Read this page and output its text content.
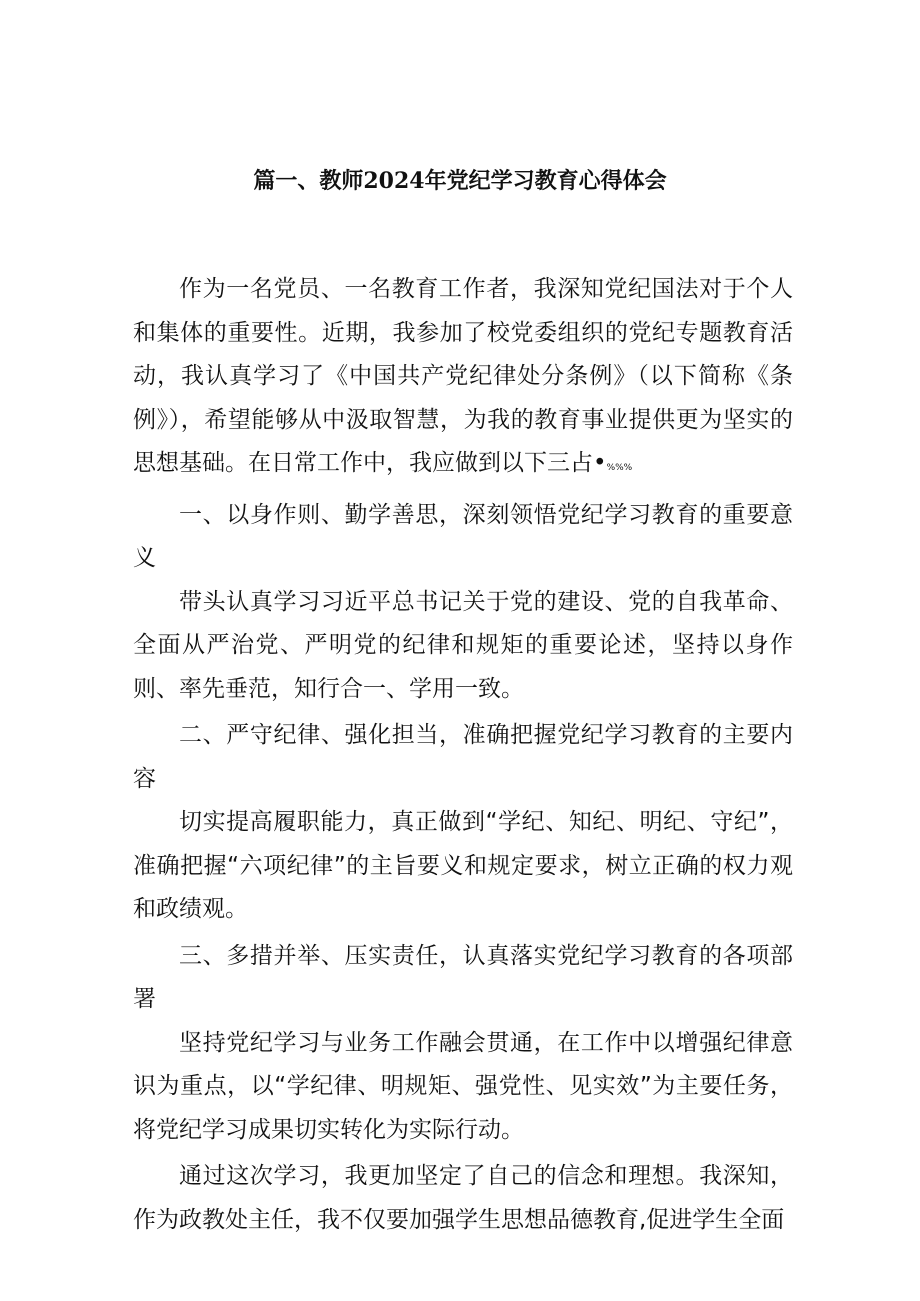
篇一、教师2024年党纪学习教育心得体会

作为一名党员、一名教育工作者，我深知党纪国法对于个人和集体的重要性。近期，我参加了校党委组织的党纪专题教育活动，我认真学习了《中国共产党纪律处分条例》（以下简称《条例》），希望能够从中汲取智慧，为我的教育事业提供更为坚实的思想基础。在日常工作中，我应做到以下三占•%%%

一、以身作则、勤学善思，深刻领悟党纪学习教育的重要意义

带头认真学习习近平总书记关于党的建设、党的自我革命、全面从严治党、严明党的纪律和规矩的重要论述，坚持以身作则、率先垂范，知行合一、学用一致。

二、严守纪律、强化担当，准确把握党纪学习教育的主要内容

切实提高履职能力，真正做到“学纪、知纪、明纪、守纪”，准确把握“六项纪律”的主旨要义和规定要求，树立正确的权力观和政绩观。

三、多措并举、压实责任，认真落实党纪学习教育的各项部署

坚持党纪学习与业务工作融会贯通，在工作中以增强纪律意识为重点，以“学纪律、明规矩、强党性、见实效”为主要任务，将党纪学习成果切实转化为实际行动。

通过这次学习，我更加坚定了自己的信念和理想。我深知，作为政教处主任，我不仅要加强学生思想品德教育,促进学生全面
